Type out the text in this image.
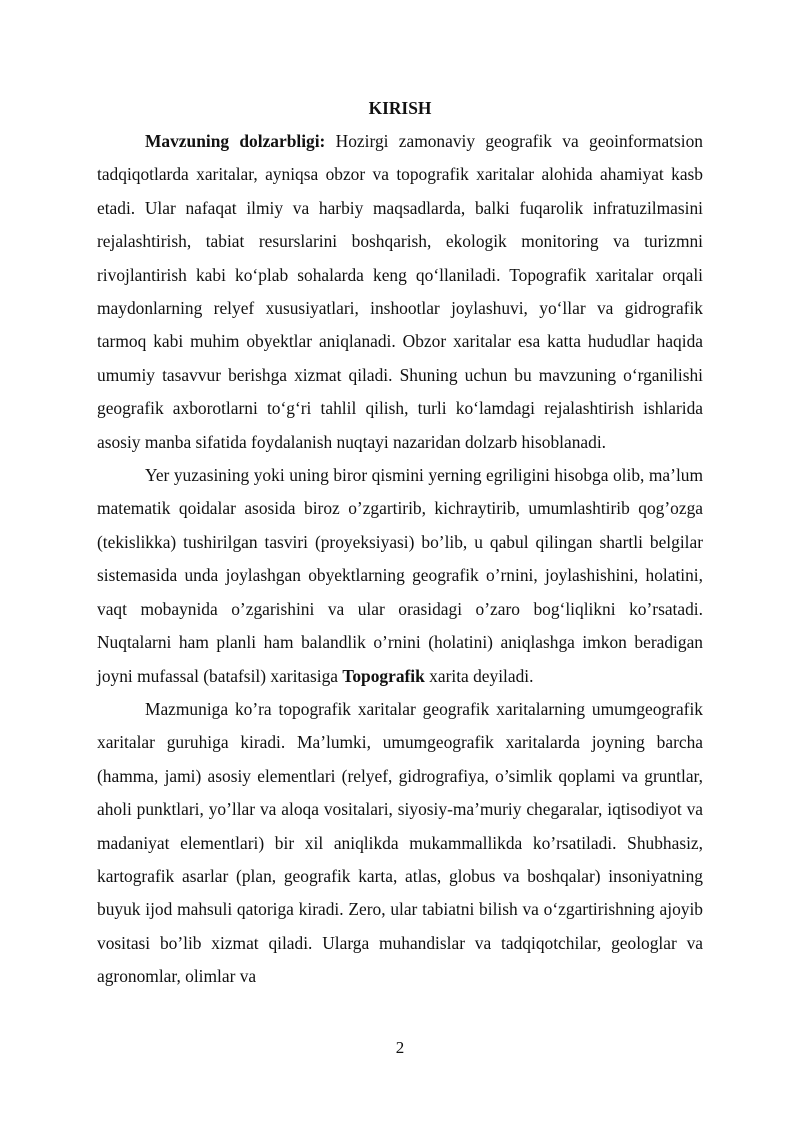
KIRISH

Mavzuning dolzarbligi: Hozirgi zamonaviy geografik va geoinformatsion tadqiqotlarda xaritalar, ayniqsa obzor va topografik xaritalar alohida ahamiyat kasb etadi. Ular nafaqat ilmiy va harbiy maqsadlarda, balki fuqarolik infratuzilmasini rejalashtirish, tabiat resurslarini boshqarish, ekologik monitoring va turizmni rivojlantirish kabi koʻplab sohalarda keng qoʻllaniladi. Topografik xaritalar orqali maydonlarning relyef xususiyatlari, inshootlar joylashuvi, yoʻllar va gidrografik tarmoq kabi muhim obyektlar aniqlanadi. Obzor xaritalar esa katta hududlar haqida umumiy tasavvur berishga xizmat qiladi. Shuning uchun bu mavzuning oʻrganilishi geografik axborotlarni toʻgʻri tahlil qilish, turli koʻlamdagi rejalashtirish ishlarida asosiy manba sifatida foydalanish nuqtayi nazaridan dolzarb hisoblanadi.

Yer yuzasining yoki uning biror qismini yerning egriligini hisobga olib, ma’lum matematik qoidalar asosida biroz o’zgartirib, kichraytirib, umumlashtirib qog’ozga (tekislikka) tushirilgan tasviri (proyeksiyasi) bo’lib, u qabul qilingan shartli belgilar sistemasida unda joylashgan obyektlarning geografik o’rnini, joylashishini, holatini, vaqt mobaynida o’zgarishini va ular orasidagi o’zaro bog‘liqlikni ko’rsatadi. Nuqtalarni ham planli ham balandlik o’rnini (holatini) aniqlashga imkon beradigan joyni mufassal (batafsil) xaritasiga Topografik xarita deyiladi.

Mazmuniga ko’ra topografik xaritalar geografik xaritalarning umumgeografik xaritalar guruhiga kiradi. Ma’lumki, umumgeografik xaritalarda joyning barcha (hamma, jami) asosiy elementlari (relyef, gidrografiya, o’simlik qoplami va gruntlar, aholi punktlari, yo’llar va aloqa vositalari, siyosiy-ma’muriy chegaralar, iqtisodiyot va madaniyat elementlari) bir xil aniqlikda mukammallikda ko’rsatiladi. Shubhasiz, kartografik asarlar (plan, geografik karta, atlas, globus va boshqalar) insoniyatning buyuk ijod mahsuli qatoriga kiradi. Zero, ular tabiatni bilish va oʻzgartirishning ajoyib vositasi bo’lib xizmat qiladi. Ularga muhandislar va tadqiqotchilar, geologlar va agronomlar, olimlar va

2
